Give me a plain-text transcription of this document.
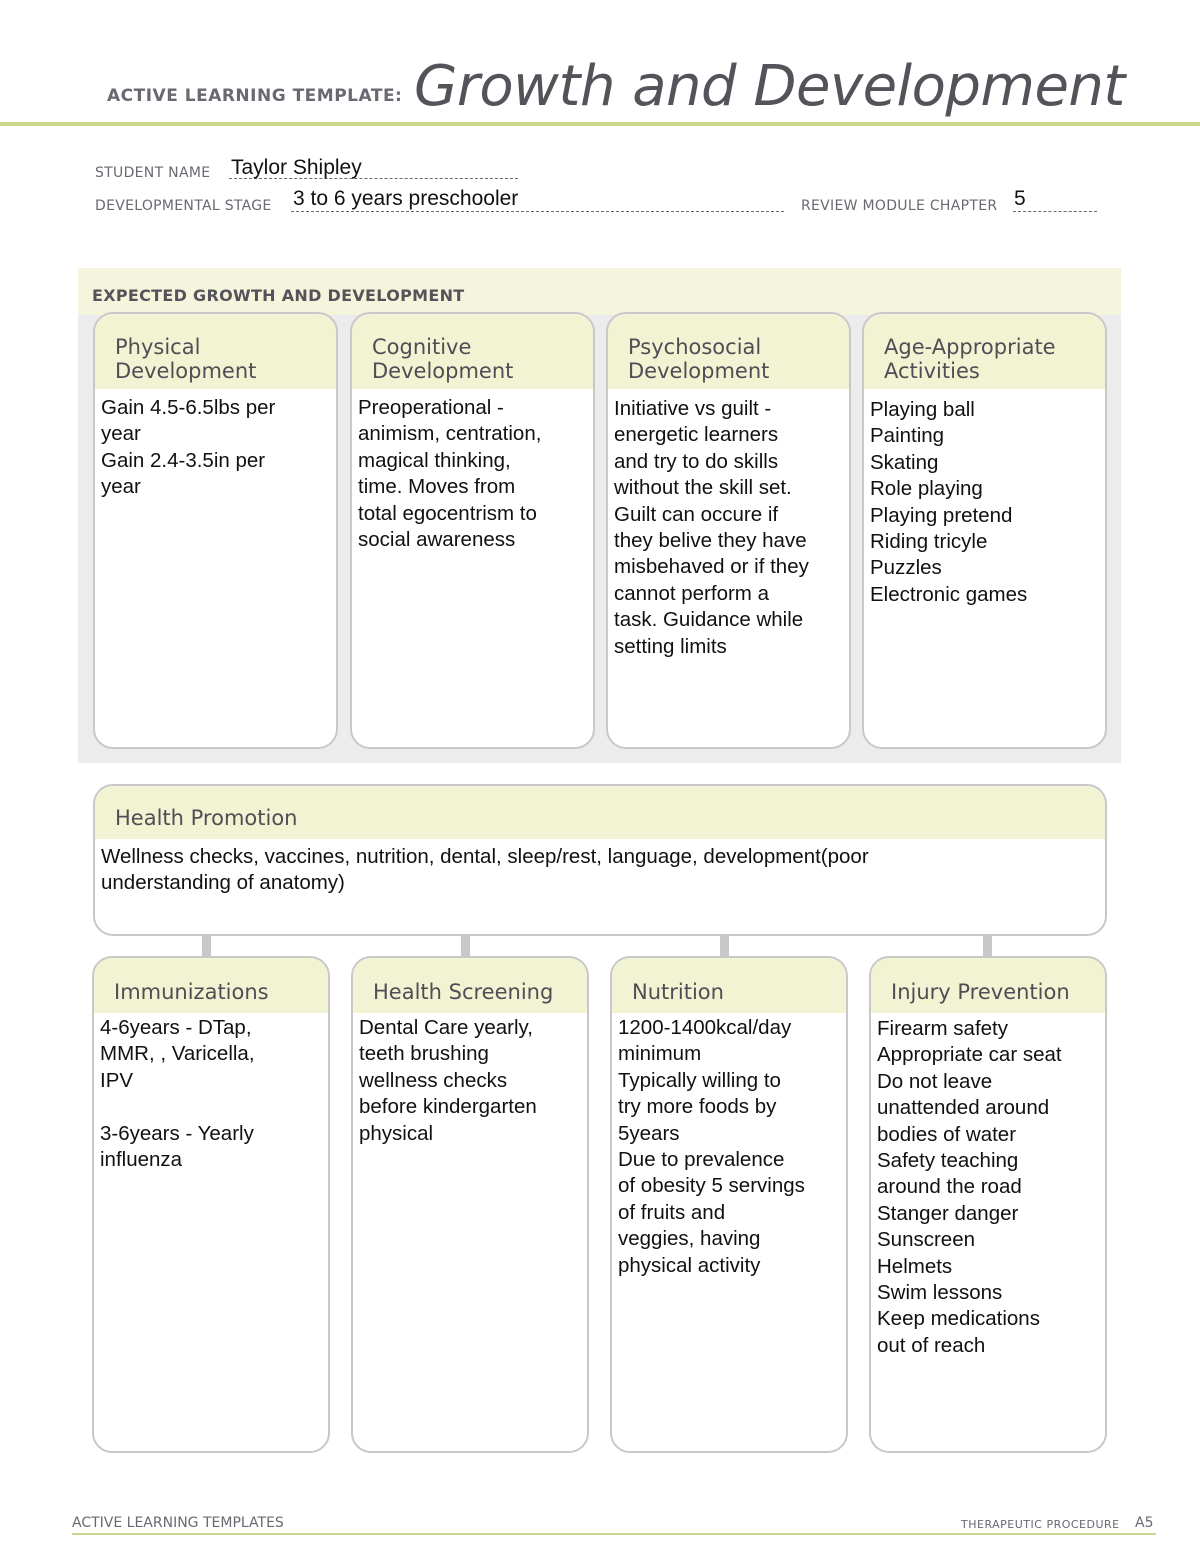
ACTIVE LEARNING TEMPLATE: Growth and Development
STUDENT NAME Taylor Shipley
DEVELOPMENTAL STAGE 3 to 6 years preschooler	REVIEW MODULE CHAPTER 5
EXPECTED GROWTH AND DEVELOPMENT
Physical
Development
Gain 4.5-6.5lbs per
year
Gain 2.4-3.5in per
year
Cognitive
Development
Preoperational -
animism, centration,
magical thinking,
time. Moves from
total egocentrism to
social awareness
Psychosocial
Development
Initiative vs guilt -
energetic learners
and try to do skills
without the skill set.
Guilt can occure if
they belive they have
misbehaved or if they
cannot perform a
task. Guidance while
setting limits
Age-Appropriate
Activities
Playing ball
Painting
Skating
Role playing
Playing pretend
Riding tricyle
Puzzles
Electronic games
Health Promotion
Wellness checks, vaccines, nutrition, dental, sleep/rest, language, development(poor
understanding of anatomy)
Immunizations
4-6years - DTap,
MMR, , Varicella,
IPV
3-6years - Yearly
influenza
Health Screening
Dental Care yearly,
teeth brushing
wellness checks
before kindergarten
physical
Nutrition
1200-1400kcal/day
minimum
Typically willing to
try more foods by
5years
Due to prevalence
of obesity 5 servings
of fruits and
veggies, having
physical activity
Injury Prevention
Firearm safety
Appropriate car seat
Do not leave
unattended around
bodies of water
Safety teaching
around the road
Stanger danger
Sunscreen
Helmets
Swim lessons
Keep medications
out of reach
ACTIVE LEARNING TEMPLATES	THERAPEUTIC PROCEDURE A5
